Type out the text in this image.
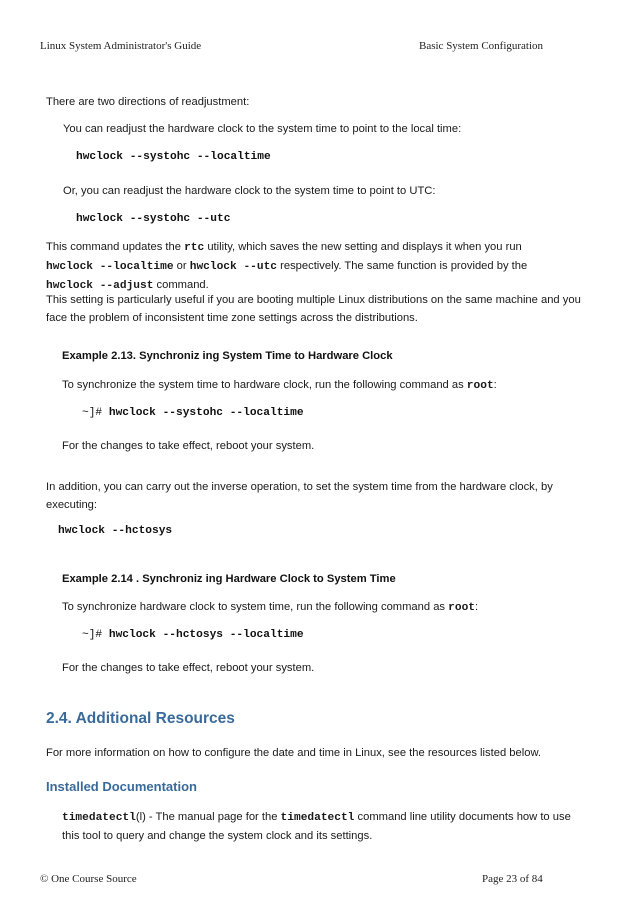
Linux System Administrator's Guide	Basic System Configuration
There are two directions of readjustment:
You can readjust the hardware clock to the system time to point to the local time:
hwclock --systohc --localtime
Or, you can readjust the hardware clock to the system time to point to UTC:
hwclock --systohc --utc
This command updates the rtc utility, which saves the new setting and displays it when you run
hwclock --localtime or hwclock --utc respectively. The same function is provided by the
hwclock --adjust command.
This setting is particularly useful if you are booting multiple Linux distributions on the same machine and you
face the problem of inconsistent time zone settings across the distributions.
Example 2.13. Synchroniz ing System Time to Hardware Clock
To synchronize the system time to hardware clock, run the following command as root:
~]# hwclock --systohc --localtime
For the changes to take effect, reboot your system.
In addition, you can carry out the inverse operation, to set the system time from the hardware clock, by
executing:
hwclock --hctosys
Example 2.14 . Synchroniz ing Hardware Clock to System Time
To synchronize hardware clock to system time, run the following command as root:
~]# hwclock --hctosys --localtime
For the changes to take effect, reboot your system.
2.4. Additional Resources
For more information on how to configure the date and time in Linux, see the resources listed below.
Installed Documentation
timedatectl(l) - The manual page for the timedatectl command line utility documents how to use
this tool to query and change the system clock and its settings.
© One Course Source	Page 23 of 84
